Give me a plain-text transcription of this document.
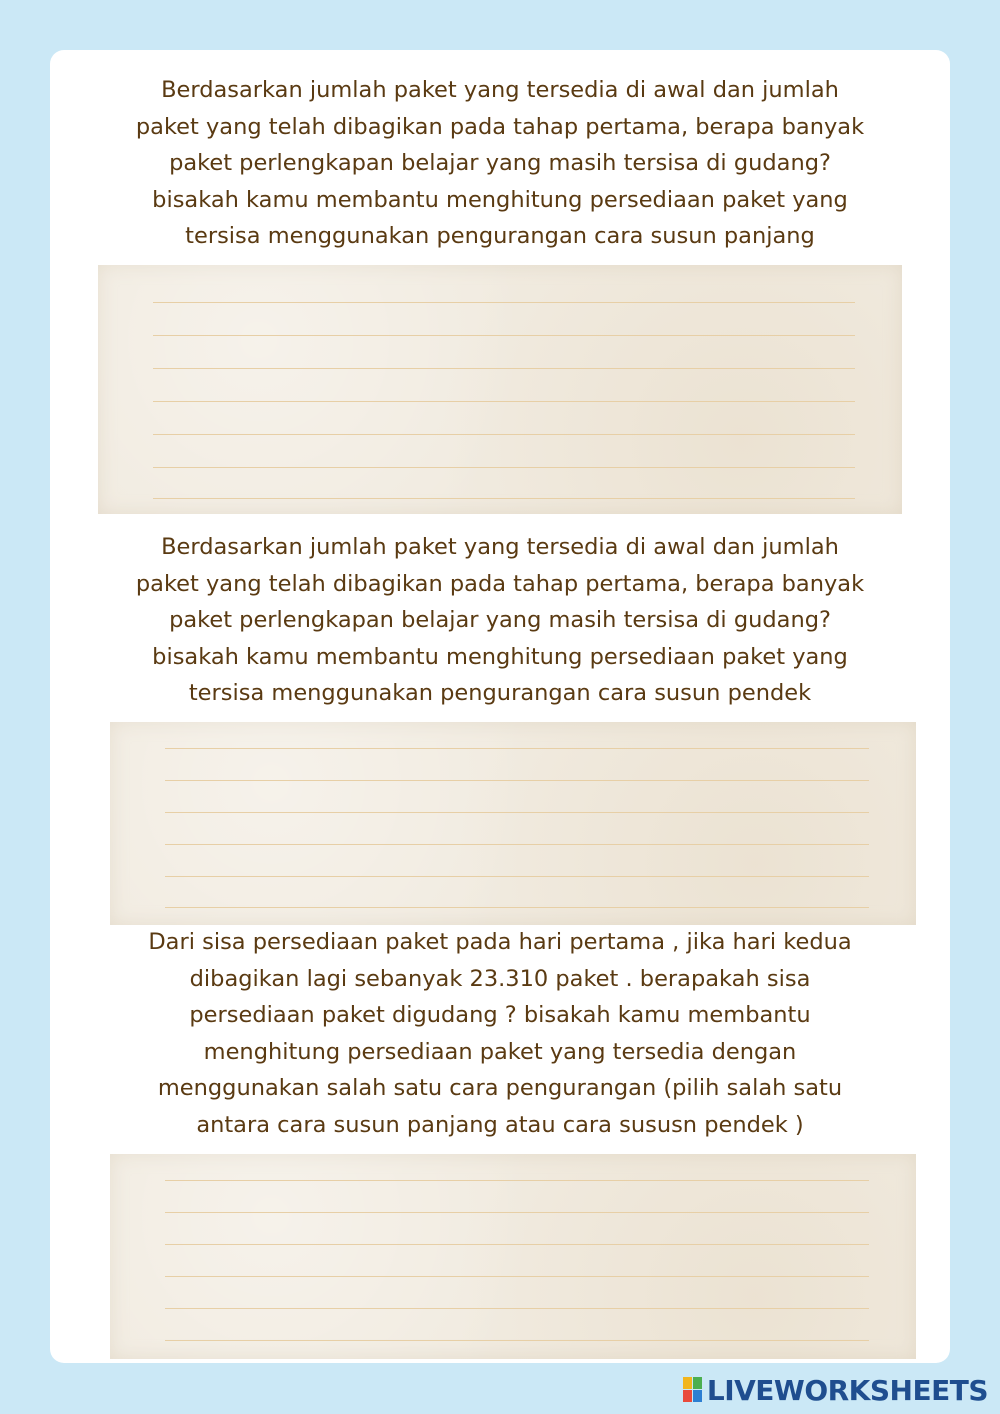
Berdasarkan jumlah paket yang tersedia di awal dan jumlah
paket yang telah dibagikan pada tahap pertama, berapa banyak
paket perlengkapan belajar yang masih tersisa di gudang?
bisakah kamu membantu menghitung persediaan paket yang
tersisa menggunakan pengurangan cara susun panjang

Berdasarkan jumlah paket yang tersedia di awal dan jumlah
paket yang telah dibagikan pada tahap pertama, berapa banyak
paket perlengkapan belajar yang masih tersisa di gudang?
bisakah kamu membantu menghitung persediaan paket yang
tersisa menggunakan pengurangan cara susun pendek

Dari sisa persediaan paket pada hari pertama , jika hari kedua
dibagikan lagi sebanyak 23.310 paket . berapakah sisa
persediaan paket digudang ? bisakah kamu membantu
menghitung persediaan paket yang tersedia dengan
menggunakan salah satu cara pengurangan (pilih salah satu
antara cara susun panjang atau cara sususn pendek )

LIVEWORKSHEETS
